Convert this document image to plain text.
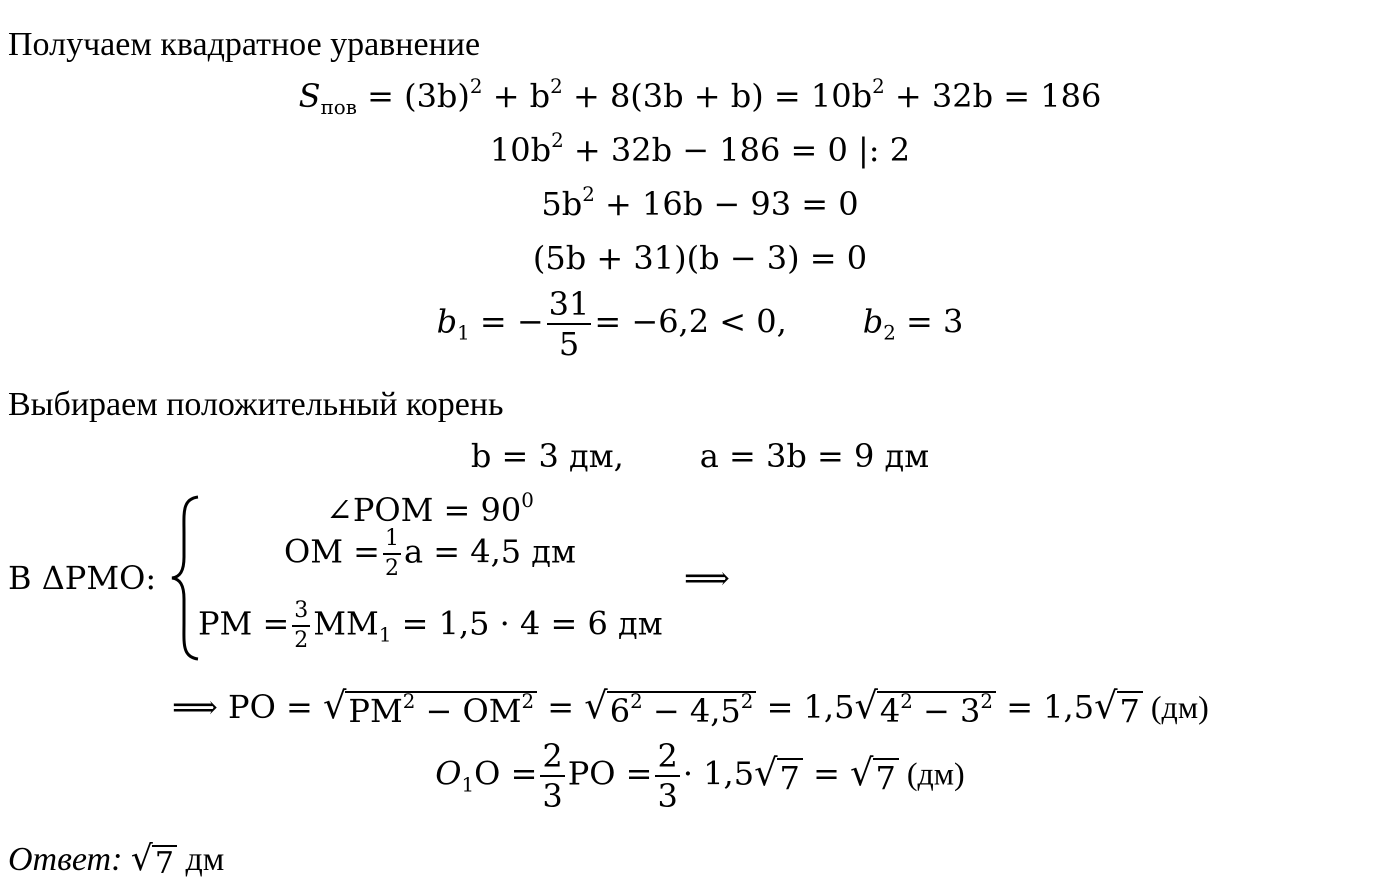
Получаем квадратное уравнение
$S_{пов} = (3b)^2 + b^2 + 8(3b + b) = 10b^2 + 32b = 186$
$10b^2 + 32b - 186 = 0$ |: 2
$5b^2 + 16b - 93 = 0$
(5b + 31)(b − 3) = 0
$b_1$ = − $\frac{31}{5} = -6,2 < 0$, $b_2 = 3$
Выбираем положительный корень
b = 3 дм, a = 3b = 9 дм
В ΔPMO:
∠POM = $90^0$
OM = $\frac{1}{2}$ a = 4,5 дм
PM = $\frac{3}{2} MM_1 = 1,5 \cdot 4 = 6$ дм
⟹
⟹ PO = √ $PM^2 - OM^2$ = √ $6^2 - 4,5^2 = 1,5$ √ $4^2 - 3^2 = 1,5$ √ 7 (дм)
$O_1O = \frac{2}{3}$ PO = $\frac{2}{3} \cdot 1,5$ √ 7 = √ 7 (дм)
Ответ: √ 7 дм
